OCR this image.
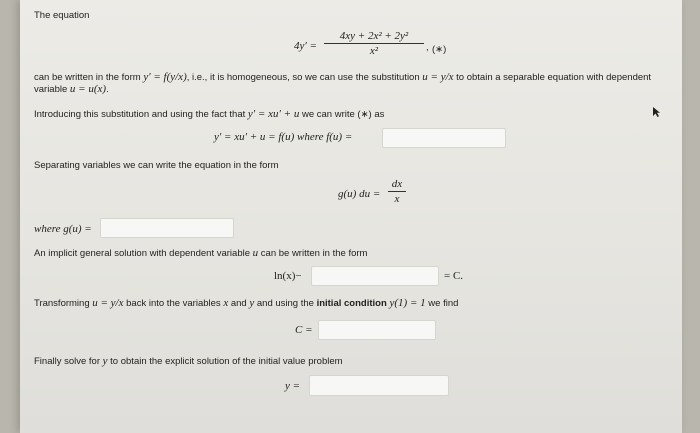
The equation
$4y' = \frac{\text{4xy + 2x² + 2y²}}{\text{x²}}$ , (∗)
can be written in the form y′ = f(y/x), i.e., it is homogeneous, so we can use the substitution u = y/x to obtain a separable equation with dependent
variable u = u(x).
Introducing this substitution and using the fact that y′ = xu′ + u we can write (∗) as
y′ = xu′ + u = f(u) where f(u) =
Separating variables we can write the equation in the form
g(u) du = $\frac{dx}{x}$
where g(u) =
An implicit general solution with dependent variable u can be written in the form
ln(x)−	= C.
Transforming u = y/x back into the variables x and y and using the initial condition y(1) = 1 we find
C =
Finally solve for y to obtain the explicit solution of the initial value problem
y =
